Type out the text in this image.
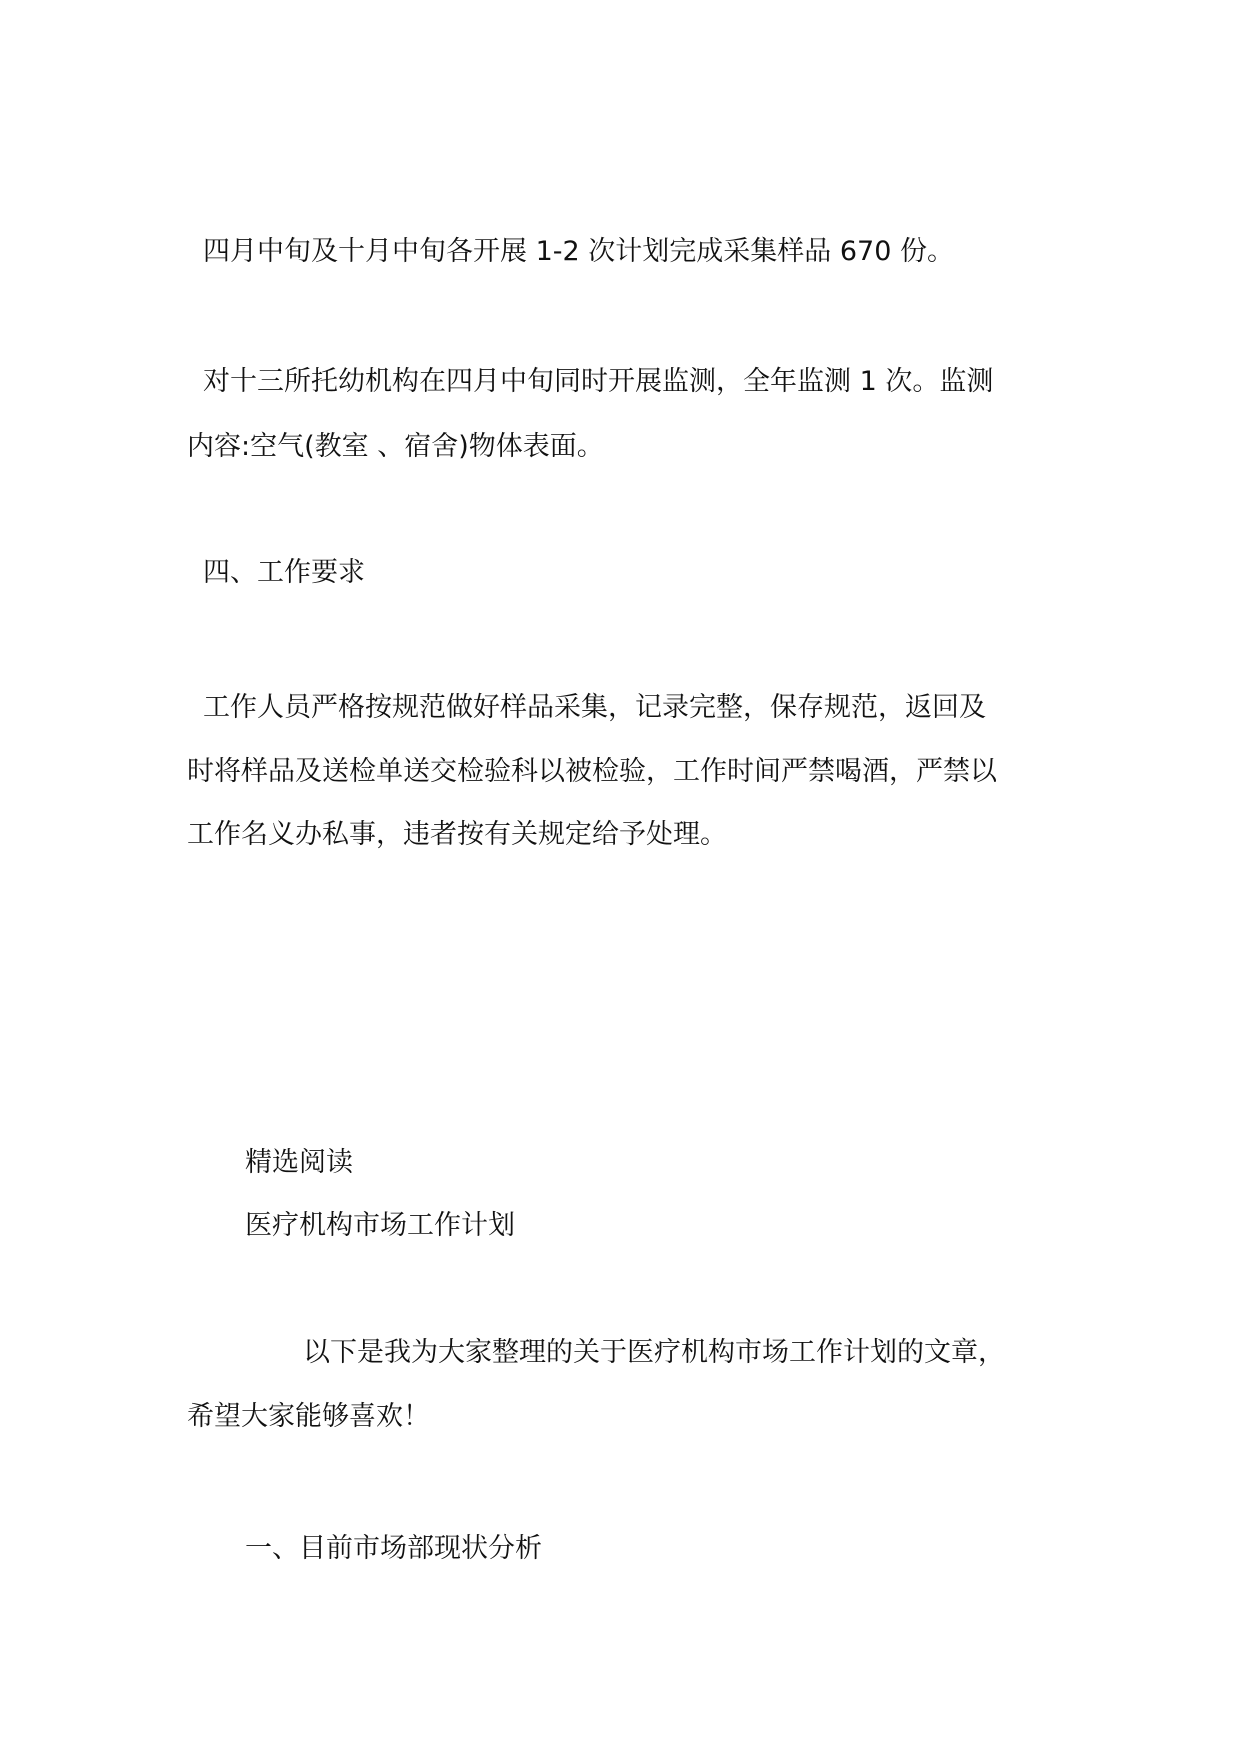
四月中旬及十月中旬各开展 1-2 次计划完成采集样品 670 份。
对十三所托幼机构在四月中旬同时开展监测，全年监测 1 次。监测
内容:空气(教室 、宿舍)物体表面。
四、工作要求
工作人员严格按规范做好样品采集，记录完整，保存规范，返回及
时将样品及送检单送交检验科以被检验，工作时间严禁喝酒，严禁以
工作名义办私事，违者按有关规定给予处理。
精选阅读
医疗机构市场工作计划
以下是我为大家整理的关于医疗机构市场工作计划的文章，
希望大家能够喜欢！
一、目前市场部现状分析
